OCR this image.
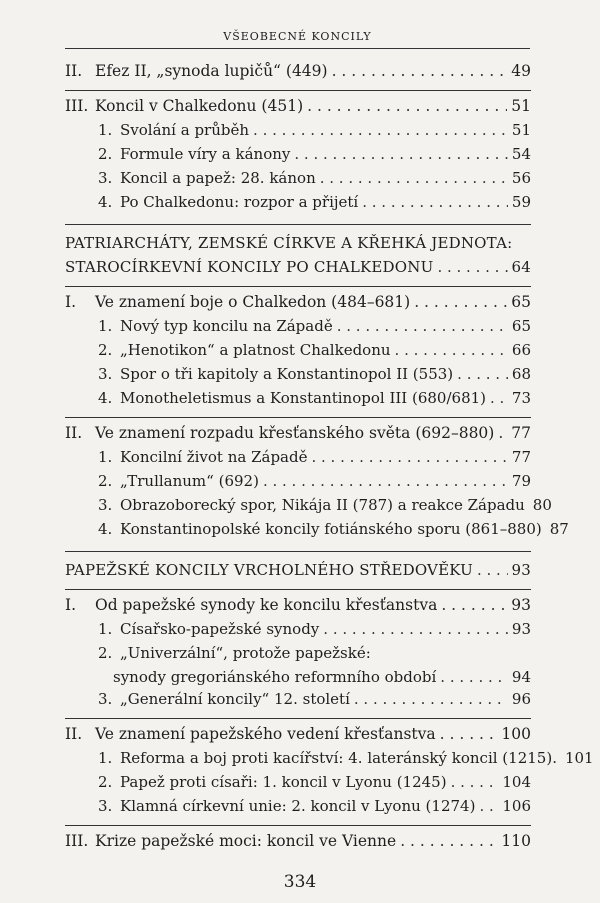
VŠEOBECNÉ KONCILY
II. Efez II, „synoda lupičů“ (449) . . .	49
III. Koncil v Chalkedonu (451) . . .	51
1. Svolání a průběh . . .	51
2. Formule víry a kánony . . .	54
3. Koncil a papež: 28. kánon . . .	56
4. Po Chalkedonu: rozpor a přijetí . . .	59
PATRIARCHÁTY, ZEMSKÉ CÍRKVE A KŘEHKÁ JEDNOTA:
STAROCÍRKEVNÍ KONCILY PO CHALKEDONU . . .	64
I.	Ve znamení boje o Chalkedon (484–681) . . .	65
1. Nový typ koncilu na Západě . . .	65
2. „Henotikon“ a platnost Chalkedonu . . .	66
3. Spor o tři kapitoly a Konstantinopol II (553) . . .	68
4. Monotheletismus a Konstantinopol III (680/681) . . . 73
II. Ve znamení rozpadu křesťanského světa (692–880) . . . 77
1. Koncilní život na Západě . . .	77
2. „Trullanum“ (692) . . .	79
3. Obrazoborecký spor, Nikája II (787) a reakce Západu 80
4. Konstantinopolské koncily fotiánského sporu (861–880) 87
PAPEŽSKÉ KONCILY VRCHOLNÉHO STŘEDOVĚKU . . .	93
I.	Od papežské synody ke koncilu křesťanstva . . .	93
1. Císařsko-papežské synody . . .	93
2. „Univerzální“, protože papežské:
synody gregoriánského reformního období . . .	94
3. „Generální koncily“ 12. století . . .	96
II. Ve znamení papežského vedení křesťanstva . . .	100
1. Reforma a boj proti kacířství: 4. lateránský koncil (1215). 101
2. Papež proti císaři: 1. koncil v Lyonu (1245) . . .	104
3. Klamná církevní unie: 2. koncil v Lyonu (1274) . . . 106
III. Krize papežské moci: koncil ve Vienne . . .	110
334
